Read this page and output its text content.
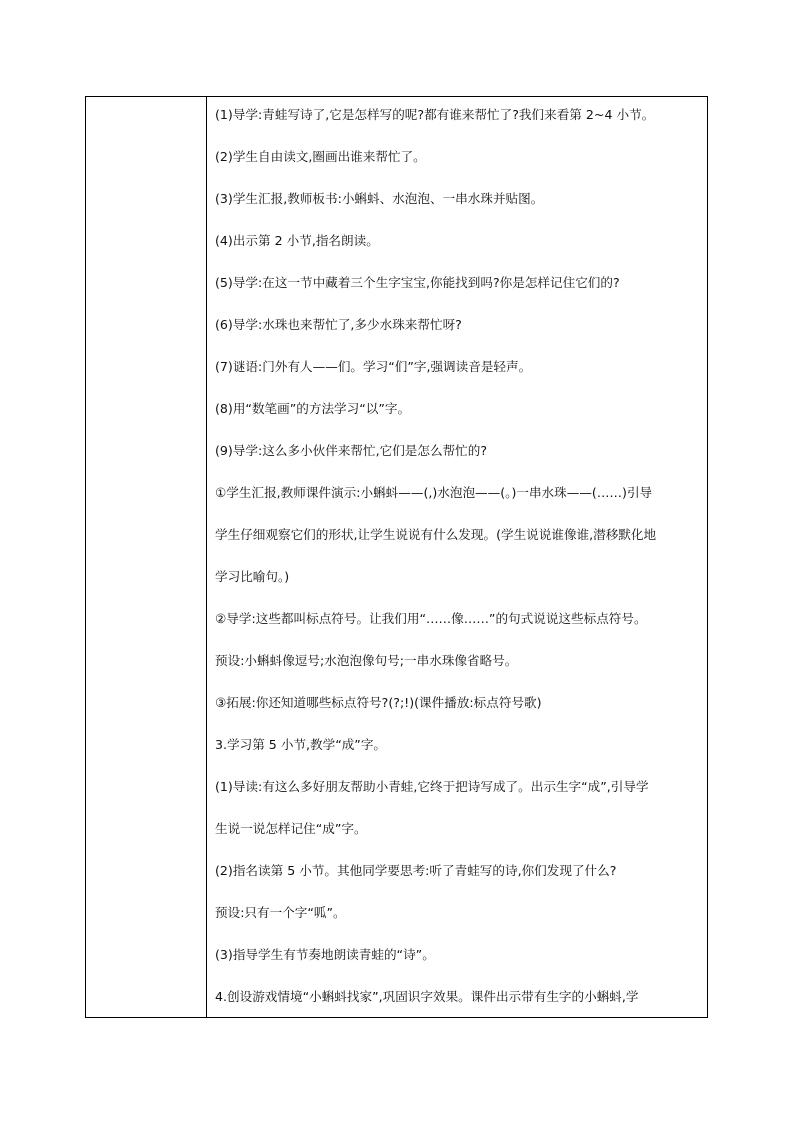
(1)导学:青蛙写诗了,它是怎样写的呢?都有谁来帮忙了?我们来看第 2~4 小节。

(2)学生自由读文,圈画出谁来帮忙了。

(3)学生汇报,教师板书:小蝌蚪、水泡泡、一串水珠并贴图。

(4)出示第 2 小节,指名朗读。

(5)导学:在这一节中藏着三个生字宝宝,你能找到吗?你是怎样记住它们的?

(6)导学:水珠也来帮忙了,多少水珠来帮忙呀?

(7)谜语:门外有人——们。学习“们”字,强调读音是轻声。

(8)用“数笔画”的方法学习“以”字。

(9)导学:这么多小伙伴来帮忙,它们是怎么帮忙的?

①学生汇报,教师课件演示:小蝌蚪——(,)水泡泡——(。)一串水珠——(……)引导

学生仔细观察它们的形状,让学生说说有什么发现。(学生说说谁像谁,潜移默化地

学习比喻句。)

②导学:这些都叫标点符号。让我们用“……像……”的句式说说这些标点符号。

预设:小蝌蚪像逗号;水泡泡像句号;一串水珠像省略号。

③拓展:你还知道哪些标点符号?(?;!)(课件播放:标点符号歌)

3.学习第 5 小节,教学“成”字。

(1)导读:有这么多好朋友帮助小青蛙,它终于把诗写成了。出示生字“成”,引导学

生说一说怎样记住“成”字。

(2)指名读第 5 小节。其他同学要思考:听了青蛙写的诗,你们发现了什么?

预设:只有一个字“呱”。

(3)指导学生有节奏地朗读青蛙的“诗”。

4.创设游戏情境“小蝌蚪找家”,巩固识字效果。课件出示带有生字的小蝌蚪,学
